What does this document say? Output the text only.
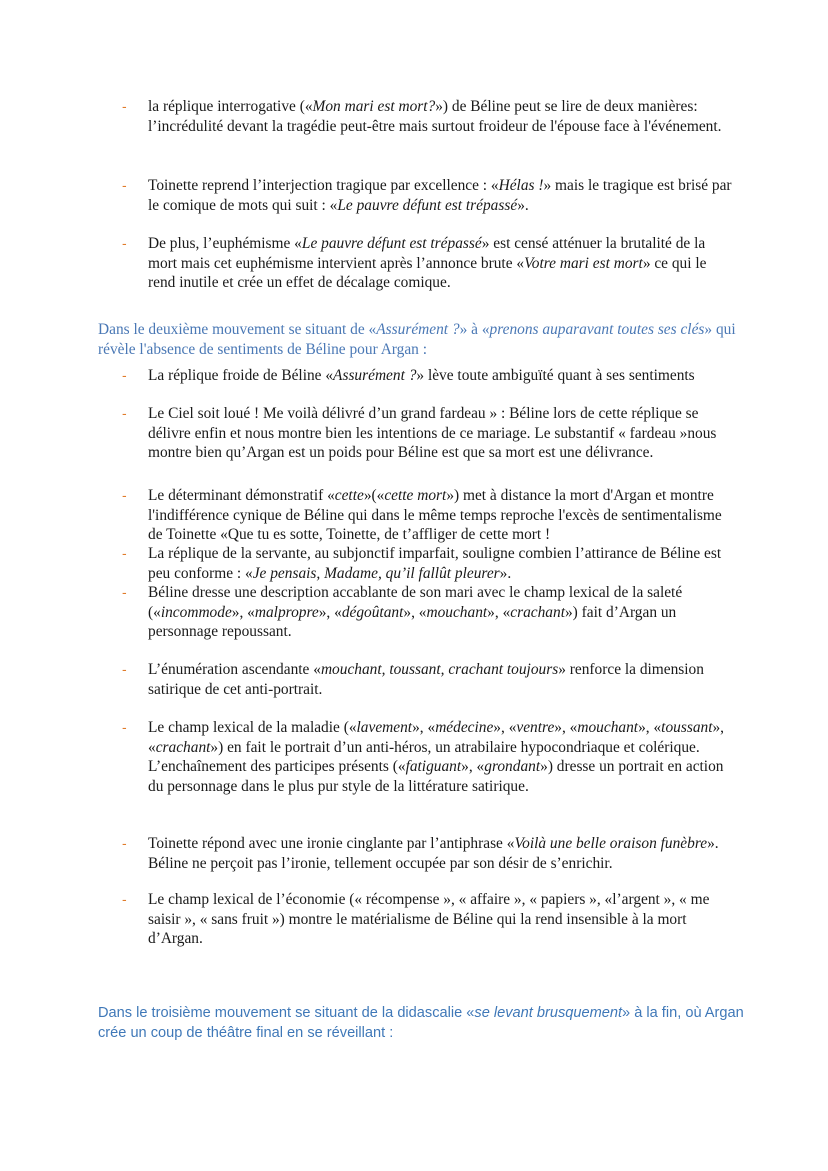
- la réplique interrogative («Mon mari est mort?») de Béline peut se lire de deux manières: l’incrédulité devant la tragédie peut-être mais surtout froideur de l'épouse face à l'événement.
- Toinette reprend l’interjection tragique par excellence : «Hélas !» mais le tragique est brisé par le comique de mots qui suit : «Le pauvre défunt est trépassé».
- De plus, l’euphémisme «Le pauvre défunt est trépassé» est censé atténuer la brutalité de la mort mais cet euphémisme intervient après l’annonce brute «Votre mari est mort» ce qui le rend inutile et crée un effet de décalage comique.

Dans le deuxième mouvement se situant de «Assurément ?» à «prenons auparavant toutes ses clés» qui révèle l'absence de sentiments de Béline pour Argan :

- La réplique froide de Béline «Assurément ?» lève toute ambiguïté quant à ses sentiments
- Le Ciel soit loué ! Me voilà délivré d’un grand fardeau » : Béline lors de cette réplique se délivre enfin et nous montre bien les intentions de ce mariage. Le substantif « fardeau »nous montre bien qu’Argan est un poids pour Béline est que sa mort est une délivrance.
- Le déterminant démonstratif «cette»(«cette mort») met à distance la mort d'Argan et montre l'indifférence cynique de Béline qui dans le même temps reproche l'excès de sentimentalisme de Toinette «Que tu es sotte, Toinette, de t’affliger de cette mort !
- La réplique de la servante, au subjonctif imparfait, souligne combien l’attirance de Béline est peu conforme : «Je pensais, Madame, qu’il fallût pleurer».
- Béline dresse une description accablante de son mari avec le champ lexical de la saleté («incommode», «malpropre», «dégoûtant», «mouchant», «crachant») fait d’Argan un personnage repoussant.
- L’énumération ascendante «mouchant, toussant, crachant toujours» renforce la dimension satirique de cet anti-portrait.
- Le champ lexical de la maladie («lavement», «médecine», «ventre», «mouchant», «toussant», «crachant») en fait le portrait d’un anti-héros, un atrabilaire hypocondriaque et colérique. L’enchaînement des participes présents («fatiguant», «grondant») dresse un portrait en action du personnage dans le plus pur style de la littérature satirique.
- Toinette répond avec une ironie cinglante par l’antiphrase «Voilà une belle oraison funèbre». Béline ne perçoit pas l’ironie, tellement occupée par son désir de s’enrichir.
- Le champ lexical de l’économie (« récompense », « affaire », « papiers », «l’argent », « me saisir », « sans fruit ») montre le matérialisme de Béline qui la rend insensible à la mort d’Argan.

Dans le troisième mouvement se situant de la didascalie «se levant brusquement» à la fin, où Argan crée un coup de théâtre final en se réveillant :
